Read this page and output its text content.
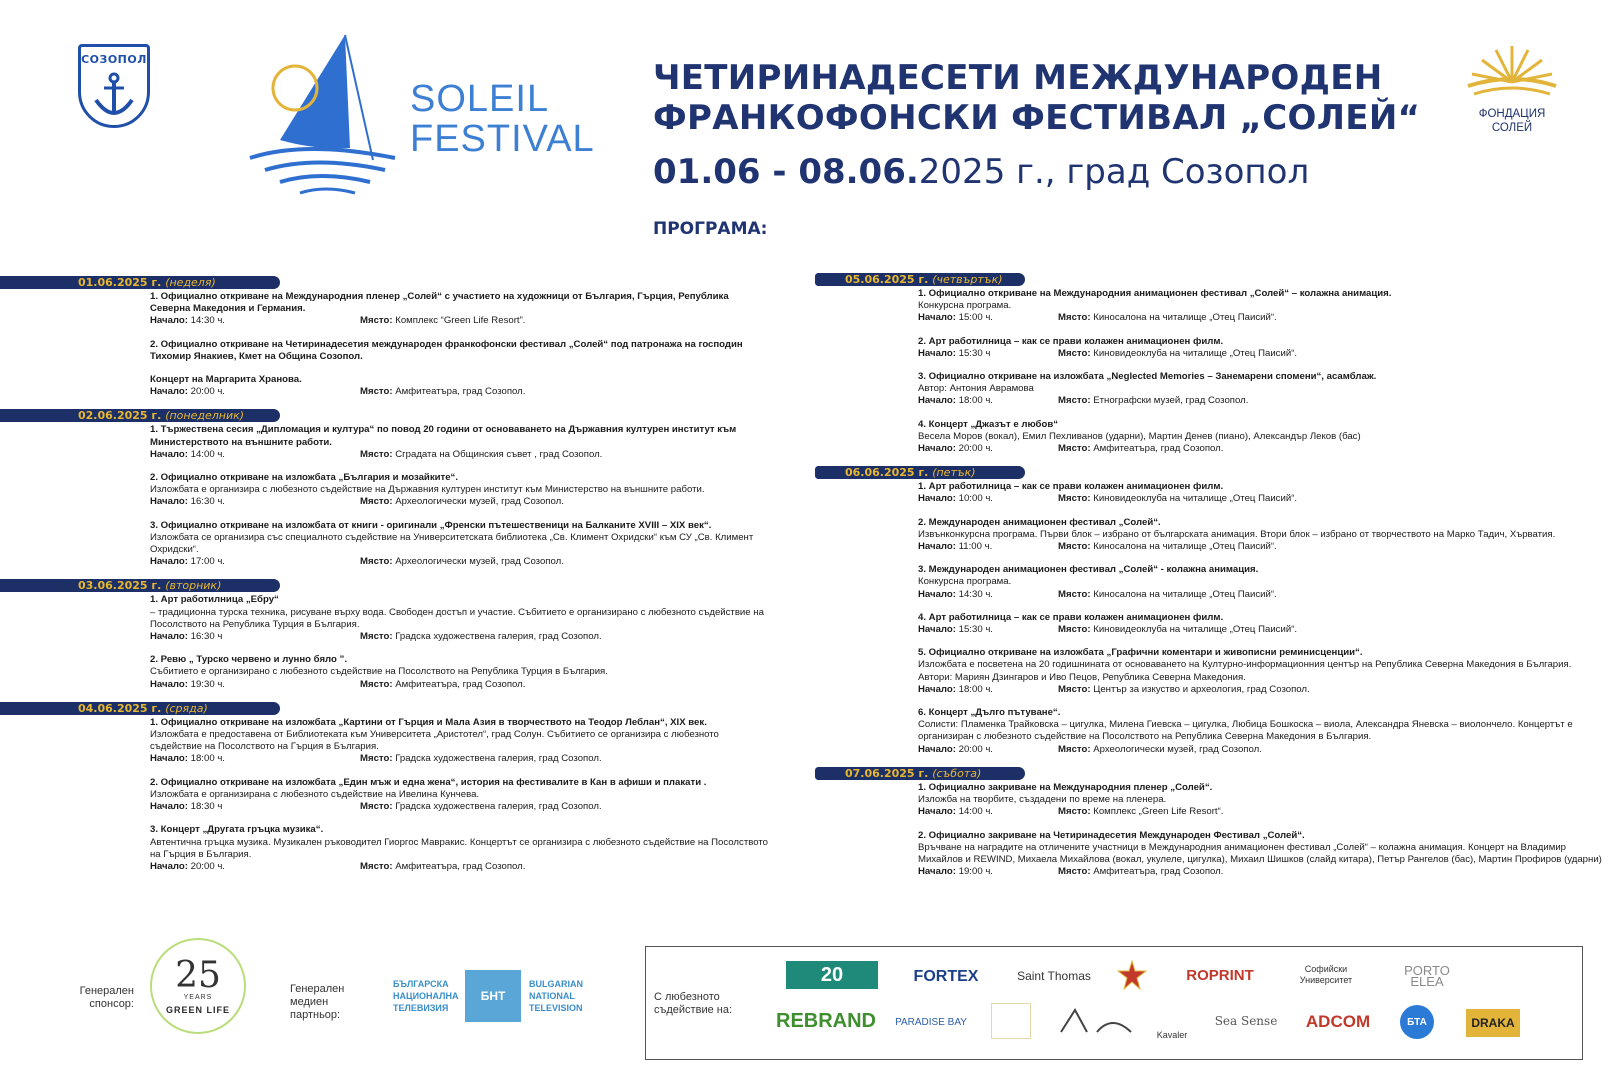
СОЗОПОЛ
SOLEIL
FESTIVAL
ЧЕТИРИНАДЕСЕТИ МЕЖДУНАРОДЕН
ФРАНКОФОНСКИ ФЕСТИВАЛ „СОЛЕЙ“
01.06 - 08.06.2025 г., град Созопол
ПРОГРАМА:
ФОНДАЦИЯ
СОЛЕЙ
01.06.2025 г. (неделя)
1. Официално откриване на Международния пленер „Солей“ с участието на художници от България, Гърция, Република Северна Македония и Германия.
Начало: 14:30 ч.	Място: Комплекс “Green Life Resort”.
2. Официално откриване на Четиринадесетия международен франкофонски фестивал „Солей“ под патронажа на господин Тихомир Янакиев, Кмет на Община Созопол.
Концерт на Маргарита Хранова.
Начало: 20:00 ч.	Място: Амфитеатъра, град Созопол.
02.06.2025 г. (понеделник)
1. Тържествена сесия „Дипломация и култура“ по повод 20 години от основаването на Държавния културен институт към Министерството на външните работи.
Начало: 14:00 ч.	Място: Сградата на Общинския съвет , град Созопол.
2. Официално откриване на изложбата „България и мозайките“.
Изложбата е организира с любезното съдействие на Държавния културен институт към Министерство на външните работи.
Начало: 16:30 ч.	Място: Археологически музей, град Созопол.
3. Официално откриване на изложбата от книги - оригинали „Френски пътешественици на Балканите XVIII – XIX век“.
Изложбата се организира със специалното съдействие на Университетската библиотека „Св. Климент Охридски“ към СУ „Св. Климент Охридски“.
Начало: 17:00 ч.	Място: Археологически музей, град Созопол.
03.06.2025 г. (вторник)
1. Арт работилница „Ебру“
– традиционна турска техника, рисуване върху вода. Свободен достъп и участие. Събитието е организирано с любезното съдействие на Посолството на Република Турция в България.
Начало: 16:30 ч	Място: Градска художествена галерия, град Созопол.
2. Ревю „ Турско червено и лунно бяло ”.
Събитието е организирано с любезното съдействие на Посолството на Република Турция в България.
Начало: 19:30 ч.	Място: Амфитеатъра, град Созопол.
04.06.2025 г. (сряда)
1. Официално откриване на изложбата „Картини от Гърция и Мала Азия в творчеството на Теодор Леблан“, XIX век.
Изложбата е предоставена от Библиотеката към Университета „Аристотел“, град Солун. Събитието се организира с любезното съдействие на Посолството на Гърция в България.
Начало: 18:00 ч.	Място: Градска художествена галерия, град Созопол.
2. Официално откриване на изложбата „Един мъж и една жена“, история на фестивалите в Кан в афиши и плакати .
Изложбата е организирана с любезното съдействие на Ивелина Кунчева.
Начало: 18:30 ч	Място: Градска художествена галерия, град Созопол.
3. Концерт „Другата гръцка музика“.
Автентична гръцка музика. Музикален ръководител Гиоргос Мавракис. Концертът се организира с любезното съдействие на Посолството на Гърция в България.
Начало: 20:00 ч.	Място: Амфитеатъра, град Созопол.
05.06.2025 г. (четвъртък)
1. Официално откриване на Международния анимационен фестивал „Солей“ – колажна анимация.
Конкурсна програма.
Начало: 15:00 ч.	Място: Киносалона на читалище „Отец Паисий“.
2. Арт работилница – как се прави колажен анимационен филм.
Начало: 15:30 ч	Място: Киновидеоклуба на читалище „Отец Паисий“.
3. Официално откриване на изложбата „Neglected Memories – Занемарени спомени“, асамблаж.
Автор: Антония Аврамова
Начало: 18:00 ч.	Място: Етнографски музей, град Созопол.
4. Концерт „Джазът е любов“
Весела Моров (вокал), Емил Пехливанов (ударни), Мартин Денев (пиано), Александър Леков (бас)
Начало: 20:00 ч.	Място: Амфитеатъра, град Созопол.
06.06.2025 г. (петък)
1. Арт работилница – как се прави колажен анимационен филм.
Начало: 10:00 ч.	Място: Киновидеоклуба на читалище „Отец Паисий“.
2. Международен анимационен фестивал „Солей“.
Извънконкурсна програма. Първи блок – избрано от българската анимация. Втори блок – избрано от творчеството на Марко Тадич, Хърватия.
Начало: 11:00 ч.	Място: Киносалона на читалище „Отец Паисий“.
3. Международен анимационен фестивал „Солей“ - колажна анимация.
Конкурсна програма.
Начало: 14:30 ч.	Място: Киносалона на читалище „Отец Паисий“.
4. Арт работилница – как се прави колажен анимационен филм.
Начало: 15:30 ч.	Място: Киновидеоклуба на читалище „Отец Паисий“.
5. Официално откриване на изложбата „Графични коментари и живописни реминисценции“.
Изложбата е посветена на 20 годишнината от основаването на Културно-информационния център на Република Северна Македония в България. Автори: Мариян Дзингаров и Иво Пецов, Република Северна Македония.
Начало: 18:00 ч.	Място: Център за изкуство и археология, град Созопол.
6. Концерт „Дълго пътуване“.
Солисти: Пламенка Трайковска – цигулка, Милена Гиевска – цигулка, Любица Бошкоска – виола, Александра Яневска – виолончело. Концертът е организиран с любезното съдействие на Посолството на Република Северна Македония в България.
Начало: 20:00 ч.	Място: Археологически музей, град Созопол.
07.06.2025 г. (събота)
1. Официално закриване на Международния пленер „Солей“.
Изложба на творбите, създадени по време на пленера.
Начало: 14:00 ч.	Място: Комплекс „Green Life Resort“.
2. Официално закриване на Четиринадесетия Международен Фестивал „Солей“.
Връчване на наградите на отличените участници в Международния анимационен фестивал „Солей“ – колажна анимация. Концерт на Владимир Михайлов и REWIND, Михаела Михайлова (вокал, укулеле, цигулка), Михаил Шишков (слайд китара), Петър Рангелов (бас), Мартин Профиров (ударни)
Начало: 19:00 ч.	Място: Амфитеатъра, град Созопол.
Генерален спонсор:
25
YEARS
GREEN LIFE
Генерален медиен партньор:
БЪЛГАРСКА НАЦИОНАЛНА ТЕЛЕВИЗИЯ
БНТ
BULGARIAN NATIONAL TELEVISION
С любезното съдействие на:
20	FORTEX	Saint Thomas	ROPRINT	Софийски Университет
PORTO ELEA
REBRAND	PARADISE BAY
Kavaler
Sea Sense	ADCOM	БТА	DRAKA
